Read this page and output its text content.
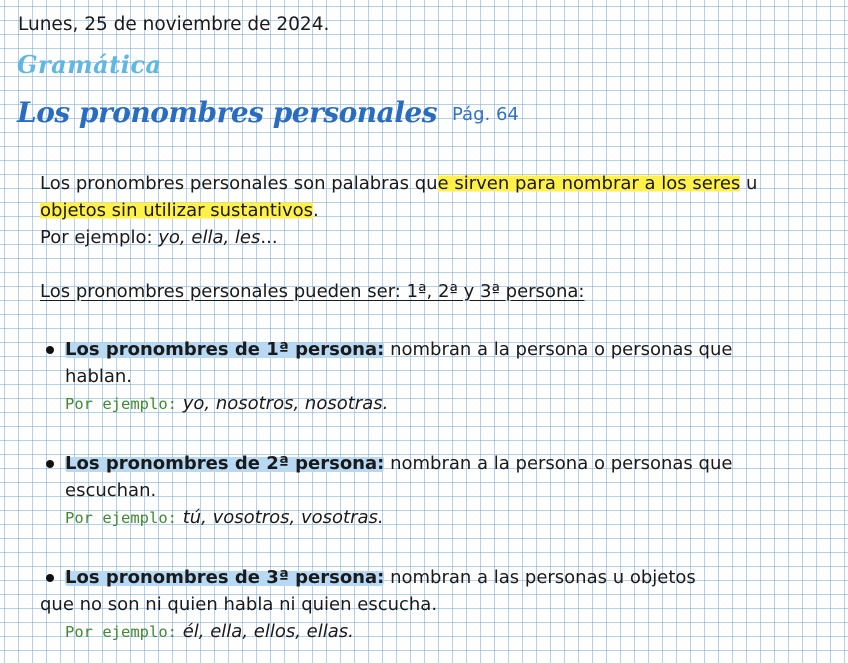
Lunes, 25 de noviembre de 2024.
Gramática
Los pronombres personales Pág. 64
Los pronombres personales son palabras que sirven para nombrar a los seres u
objetos sin utilizar sustantivos.
Por ejemplo: yo, ella, les...
Los pronombres personales pueden ser: 1ª, 2ª y 3ª persona:
Los pronombres de 1ª persona: nombran a la persona o personas que
hablan.
Por ejemplo: yo, nosotros, nosotras.
Los pronombres de 2ª persona: nombran a la persona o personas que
escuchan.
Por ejemplo: tú, vosotros, vosotras.
Los pronombres de 3ª persona: nombran a las personas u objetos
que no son ni quien habla ni quien escucha.
Por ejemplo: él, ella, ellos, ellas.
